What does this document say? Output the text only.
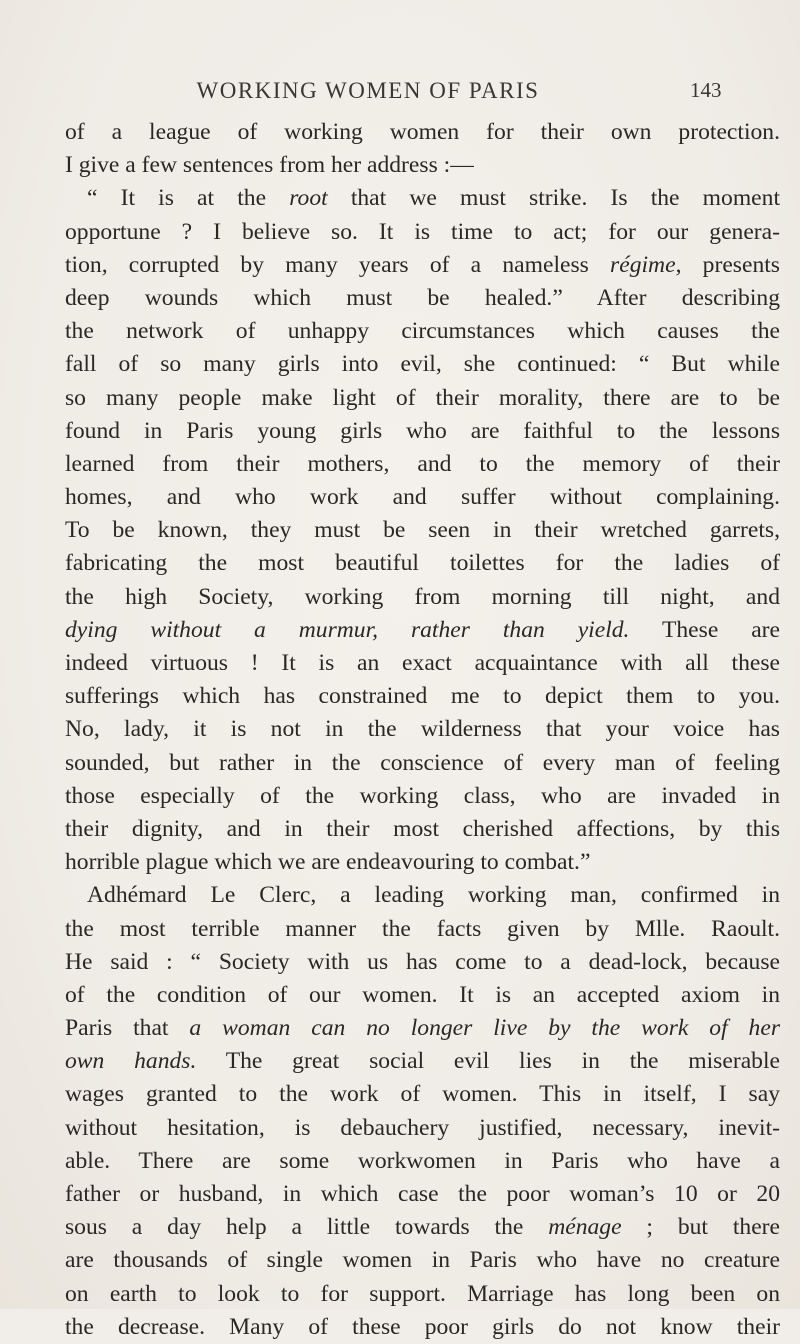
WORKING WOMEN OF PARIS	143
of a league of working women for their own protection.
I give a few sentences from her address :—
“ It is at the root that we must strike. Is the moment
opportune ? I believe so. It is time to act; for our genera-
tion, corrupted by many years of a nameless régime, presents
deep wounds which must be healed.” After describing
the network of unhappy circumstances which causes the
fall of so many girls into evil, she continued: “ But while
so many people make light of their morality, there are to be
found in Paris young girls who are faithful to the lessons
learned from their mothers, and to the memory of their
homes, and who work and suffer without complaining.
To be known, they must be seen in their wretched garrets,
fabricating the most beautiful toilettes for the ladies of
the high Society, working from morning till night, and
dying without a murmur, rather than yield. These are
indeed virtuous ! It is an exact acquaintance with all these
sufferings which has constrained me to depict them to you.
No, lady, it is not in the wilderness that your voice has
sounded, but rather in the conscience of every man of feeling
those especially of the working class, who are invaded in
their dignity, and in their most cherished affections, by this
horrible plague which we are endeavouring to combat.”
Adhémard Le Clerc, a leading working man, confirmed in
the most terrible manner the facts given by Mlle. Raoult.
He said : “ Society with us has come to a dead-lock, because
of the condition of our women. It is an accepted axiom in
Paris that a woman can no longer live by the work of her
own hands. The great social evil lies in the miserable
wages granted to the work of women. This in itself, I say
without hesitation, is debauchery justified, necessary, inevit-
able. There are some workwomen in Paris who have a
father or husband, in which case the poor woman’s 10 or 20
sous a day help a little towards the ménage ; but there
are thousands of single women in Paris who have no creature
on earth to look to for support. Marriage has long been on
the decrease. Many of these poor girls do not know their
